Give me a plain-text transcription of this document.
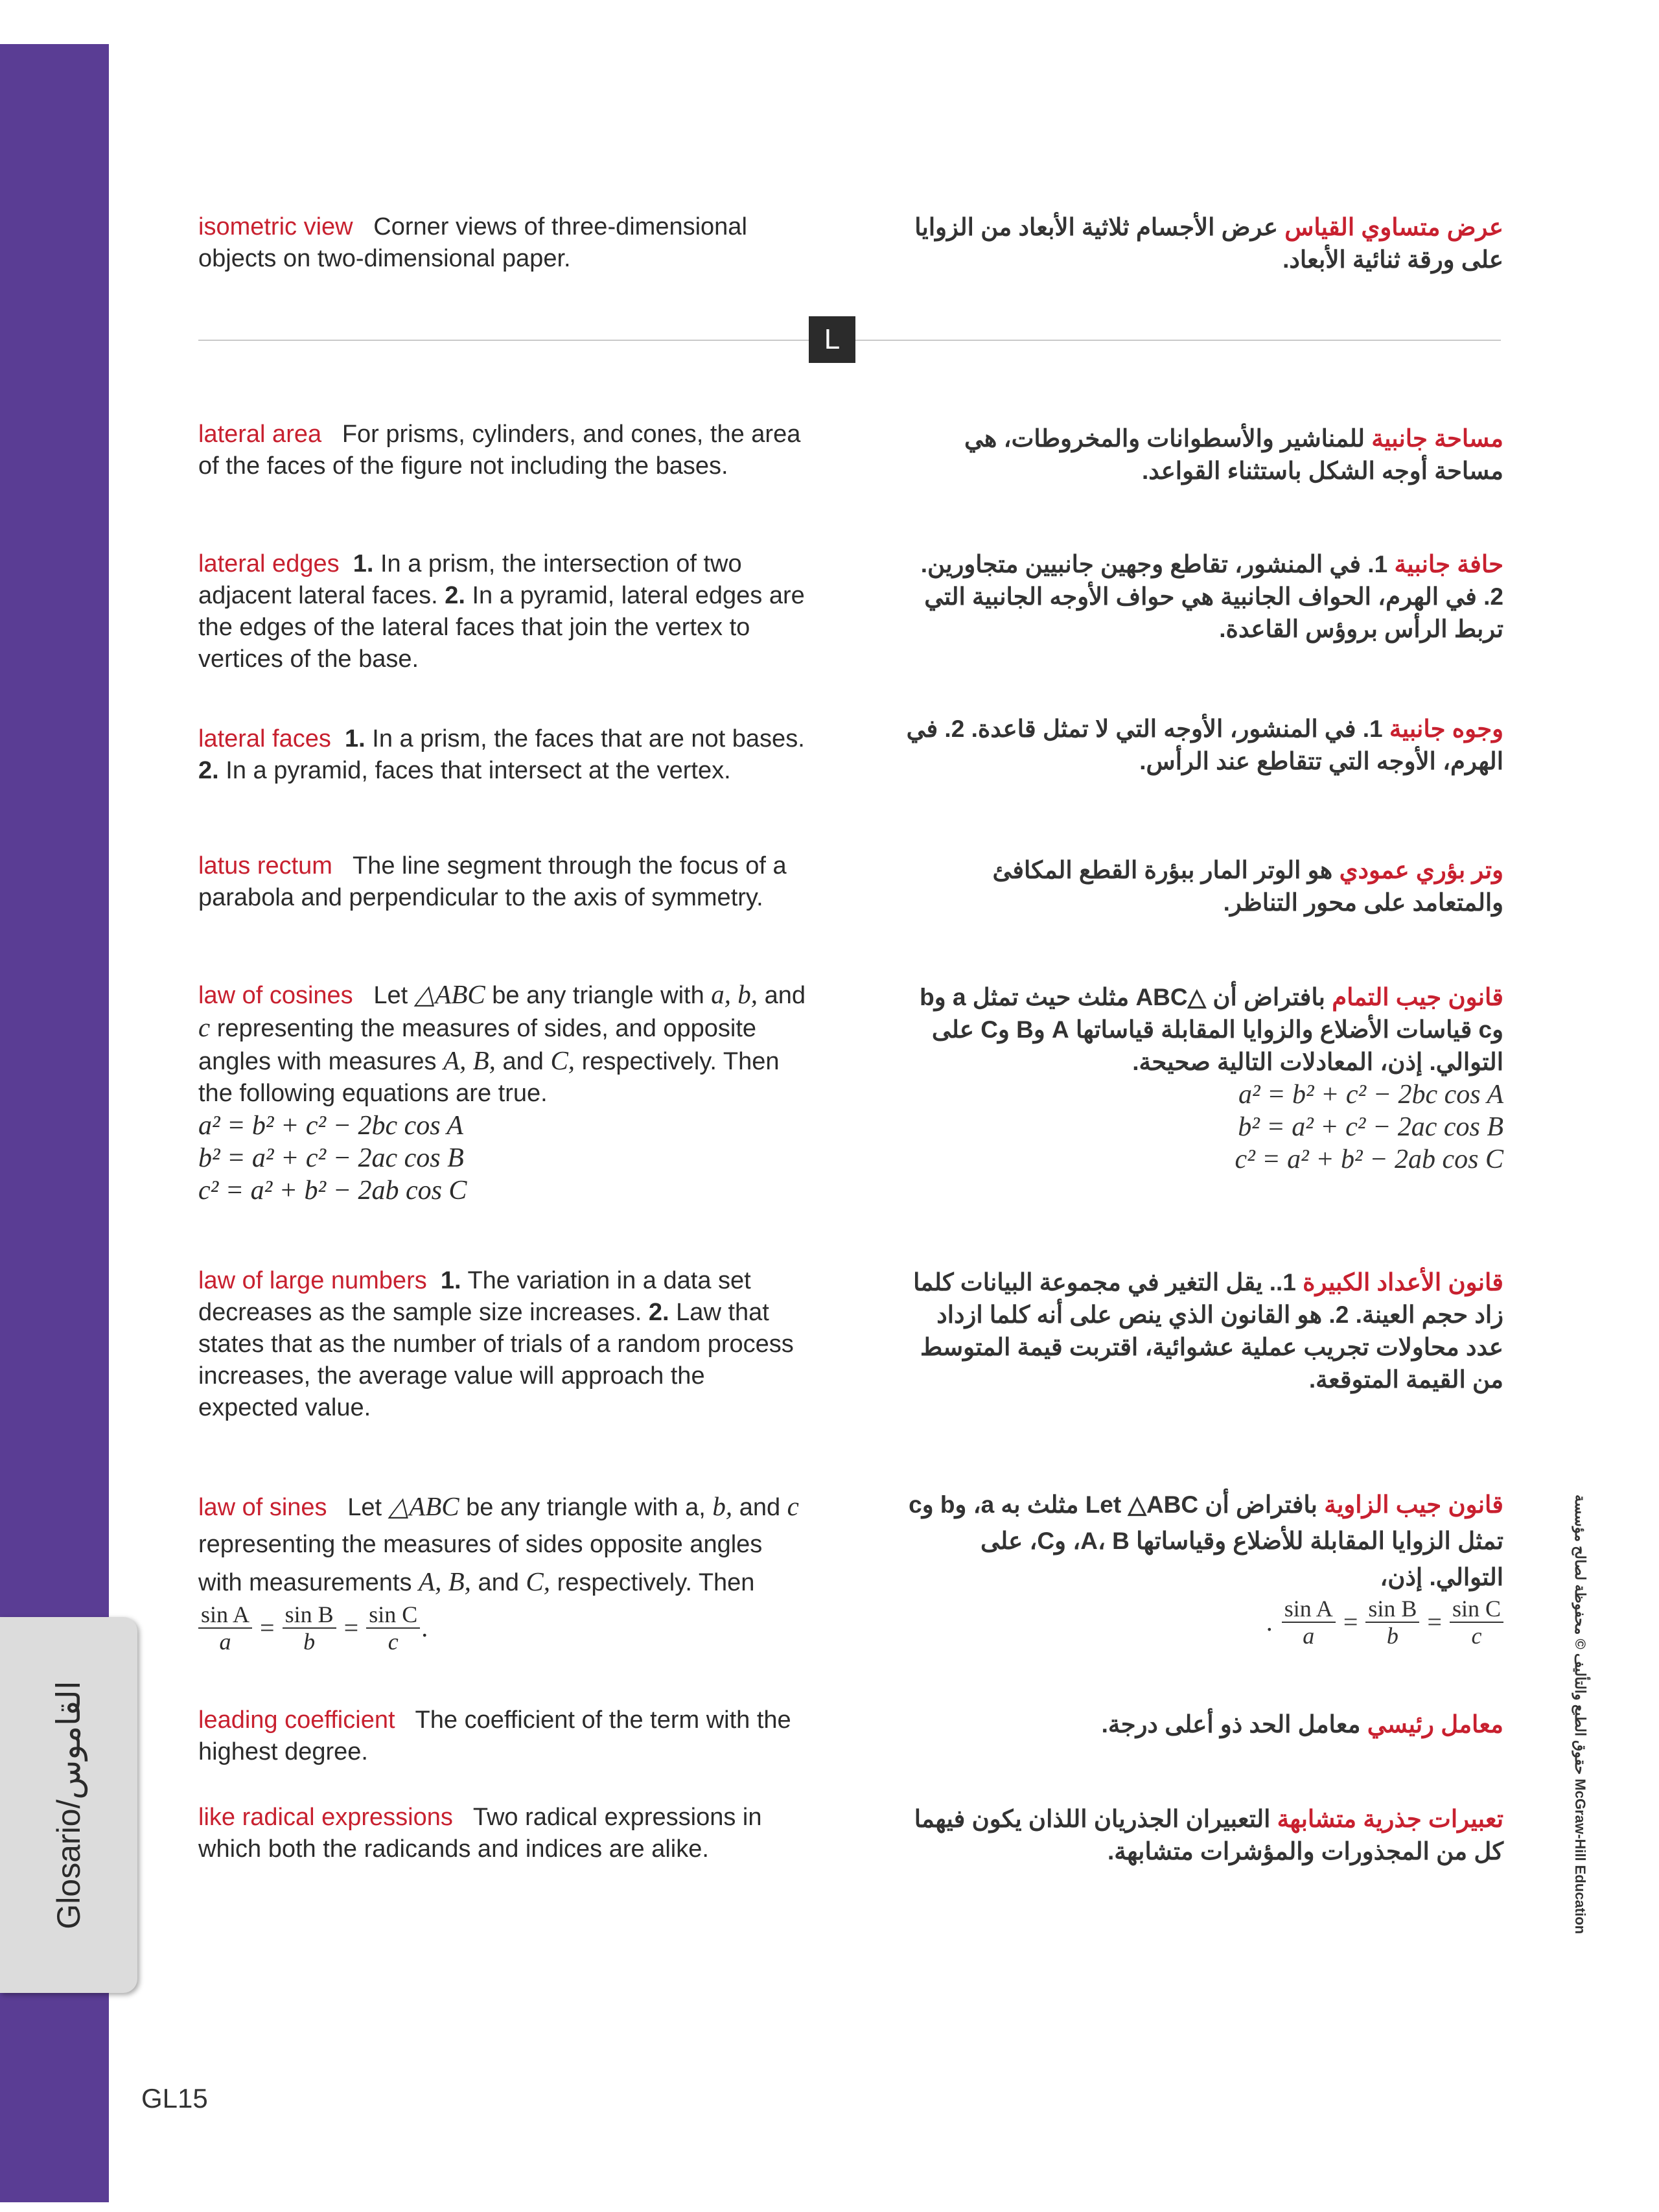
Glosario/القاموس
GL15
حقوق الطبع والتأليف © محفوظة لصالح مؤسسة McGraw-Hill Education
isometric view Corner views of three-dimensional objects on two-dimensional paper.
عرض متساوي القياس عرض الأجسام ثلاثية الأبعاد من الزوايا على ورقة ثنائية الأبعاد.
L
lateral area For prisms, cylinders, and cones, the area of the faces of the figure not including the bases.
مساحة جانبية للمناشير والأسطوانات والمخروطات، هي مساحة أوجه الشكل باستثناء القواعد.
lateral edges 1. In a prism, the intersection of two adjacent lateral faces. 2. In a pyramid, lateral edges are the edges of the lateral faces that join the vertex to vertices of the base.
حافة جانبية 1. في المنشور، تقاطع وجهين جانبيين متجاورين. 2. في الهرم، الحواف الجانبية هي حواف الأوجه الجانبية التي تربط الرأس بروؤس القاعدة.
lateral faces 1. In a prism, the faces that are not bases. 2. In a pyramid, faces that intersect at the vertex.
وجوه جانبية 1. في المنشور، الأوجه التي لا تمثل قاعدة. 2. في الهرم، الأوجه التي تتقاطع عند الرأس.
latus rectum The line segment through the focus of a parabola and perpendicular to the axis of symmetry.
وتر بؤري عمودي هو الوتر المار ببؤرة القطع المكافئ والمتعامد على محور التناظر.
law of cosines Let △ABC be any triangle with a, b, and c representing the measures of sides, and opposite angles with measures A, B, and C, respectively. Then the following equations are true.
a² = b² + c² − 2bc cos A
b² = a² + c² − 2ac cos B
c² = a² + b² − 2ab cos C
قانون جيب التمام بافتراض أن △ABC مثلث حيث تمثل a وb وc قياسات الأضلاع والزوايا المقابلة قياساتها A وB وC على التوالي. إذن، المعادلات التالية صحيحة.
a² = b² + c² − 2bc cos A
b² = a² + c² − 2ac cos B
c² = a² + b² − 2ab cos C
law of large numbers 1. The variation in a data set decreases as the sample size increases. 2. Law that states that as the number of trials of a random process increases, the average value will approach the expected value.
قانون الأعداد الكبيرة 1.. يقل التغير في مجموعة البيانات كلما زاد حجم العينة. 2. هو القانون الذي ينص على أنه كلما ازداد عدد محاولات تجريب عملية عشوائية، اقتربت قيمة المتوسط من القيمة المتوقعة.
law of sines Let △ABC be any triangle with a, b, and c representing the measures of sides opposite angles with measurements A, B, and C, respectively. Then
$\frac{\text{sin A}}{a} = \frac{\text{sin B}}{b} = \frac{\text{sin C}}{c}$ .
قانون جيب الزاوية بافتراض أن Let △ABC مثلث به a، وb وc تمثل الزوايا المقابلة للأضلاع وقياساتها A، B، وC، على التوالي. إذن،
. $\frac{\text{sin A}}{a} = \frac{\text{sin B}}{b} = \frac{\text{sin C}}{c}$
leading coefficient The coefficient of the term with the highest degree.
معامل رئيسي معامل الحد ذو أعلى درجة.
like radical expressions Two radical expressions in which both the radicands and indices are alike.
تعبيرات جذرية متشابهة التعبيران الجذريان اللذان يكون فيهما كل من المجذورات والمؤشرات متشابهة.
